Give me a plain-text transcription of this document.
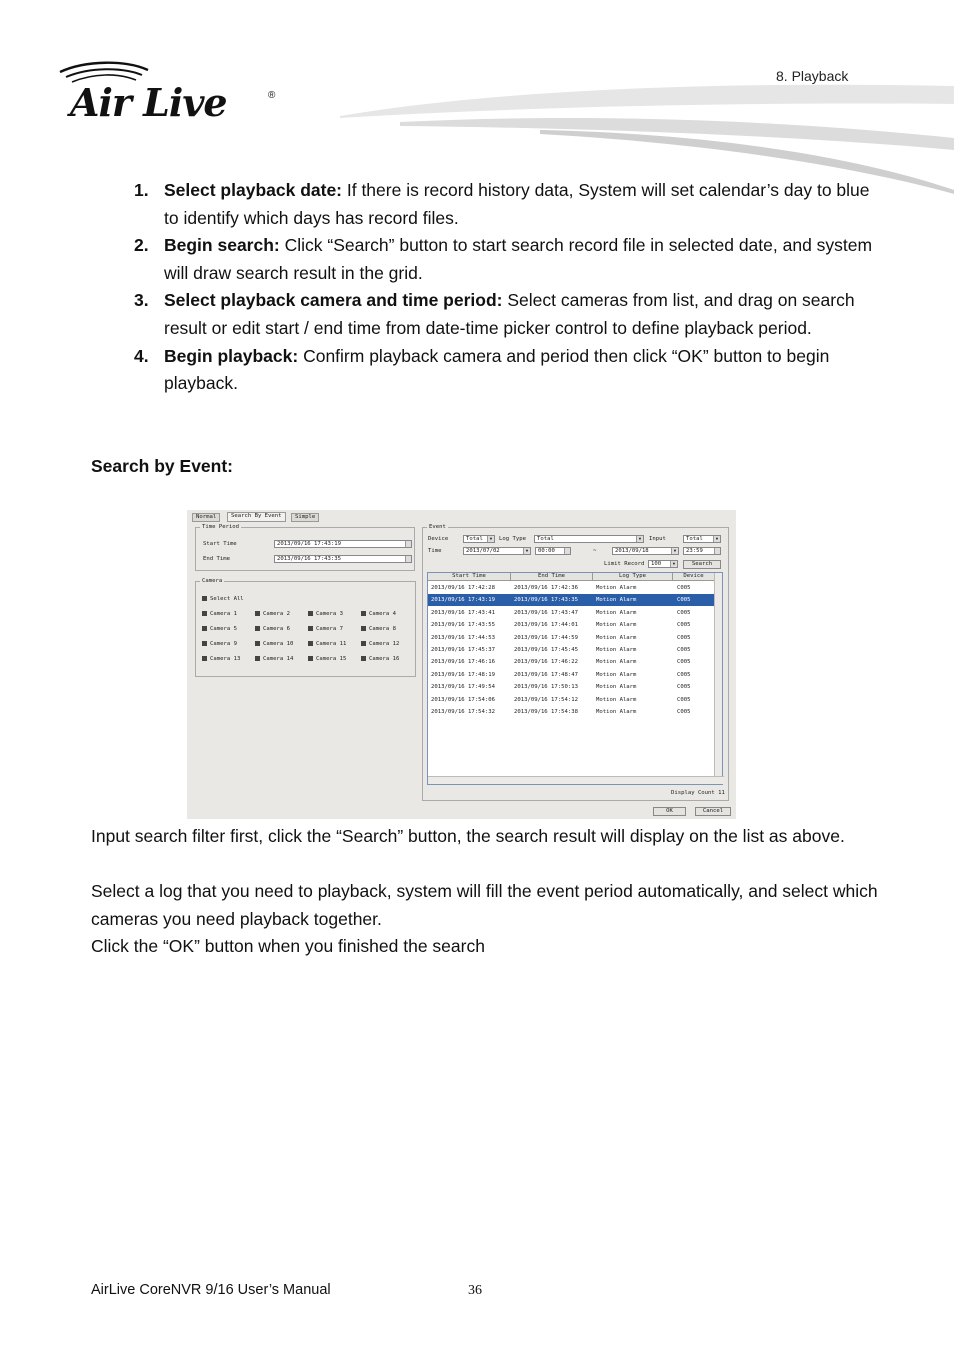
8. Playback
Air Live	®
1. Select playback date: If there is record history data, System will set calendar’s day to blue to identify which days has record files.
2. Begin search: Click “Search” button to start search record file in selected date, and system will draw search result in the grid.
3. Select playback camera and time period: Select cameras from list, and drag on search result or edit start / end time from date-time picker control to define playback period.
4. Begin playback: Confirm playback camera and period then click “OK” button to begin playback.
Search by Event:
Normal	Search By Event	Simple
Time Period
Start Time	2013/09/16 17:43:19
End Time	2013/09/16 17:43:35
Camera
Select All
Camera 1	Camera 2	Camera 3	Camera 4
Camera 5	Camera 6	Camera 7	Camera 8
Camera 9	Camera 10	Camera 11	Camera 12
Camera 13	Camera 14	Camera 15	Camera 16
Event
Device	Total	▼	Log Type	Total	▼	Input	Total	▼
Time	2013/07/02	▼	00:00	~	2013/09/18	▼	23:59
Limit Record	100	▼	Search
Display Count 11
Start Time	End Time	Log Type	Device
2013/09/16 17:42:28	2013/09/16 17:42:36	Motion Alarm	C005
2013/09/16 17:43:19	2013/09/16 17:43:35	Motion Alarm	C005
2013/09/16 17:43:41	2013/09/16 17:43:47	Motion Alarm	C005
2013/09/16 17:43:55	2013/09/16 17:44:01	Motion Alarm	C005
2013/09/16 17:44:53	2013/09/16 17:44:59	Motion Alarm	C005
2013/09/16 17:45:37	2013/09/16 17:45:45	Motion Alarm	C005
2013/09/16 17:46:16	2013/09/16 17:46:22	Motion Alarm	C005
2013/09/16 17:48:19	2013/09/16 17:48:47	Motion Alarm	C005
2013/09/16 17:49:54	2013/09/16 17:50:13	Motion Alarm	C005
2013/09/16 17:54:06	2013/09/16 17:54:12	Motion Alarm	C005
2013/09/16 17:54:32	2013/09/16 17:54:38	Motion Alarm	C005
OK	Cancel
Input search filter first, click the “Search” button, the search result will display on the list as above.
Select a log that you need to playback, system will fill the event period automatically, and select which cameras you need playback together.
Click the “OK” button when you finished the search
AirLive CoreNVR 9/16 User’s Manual	36
